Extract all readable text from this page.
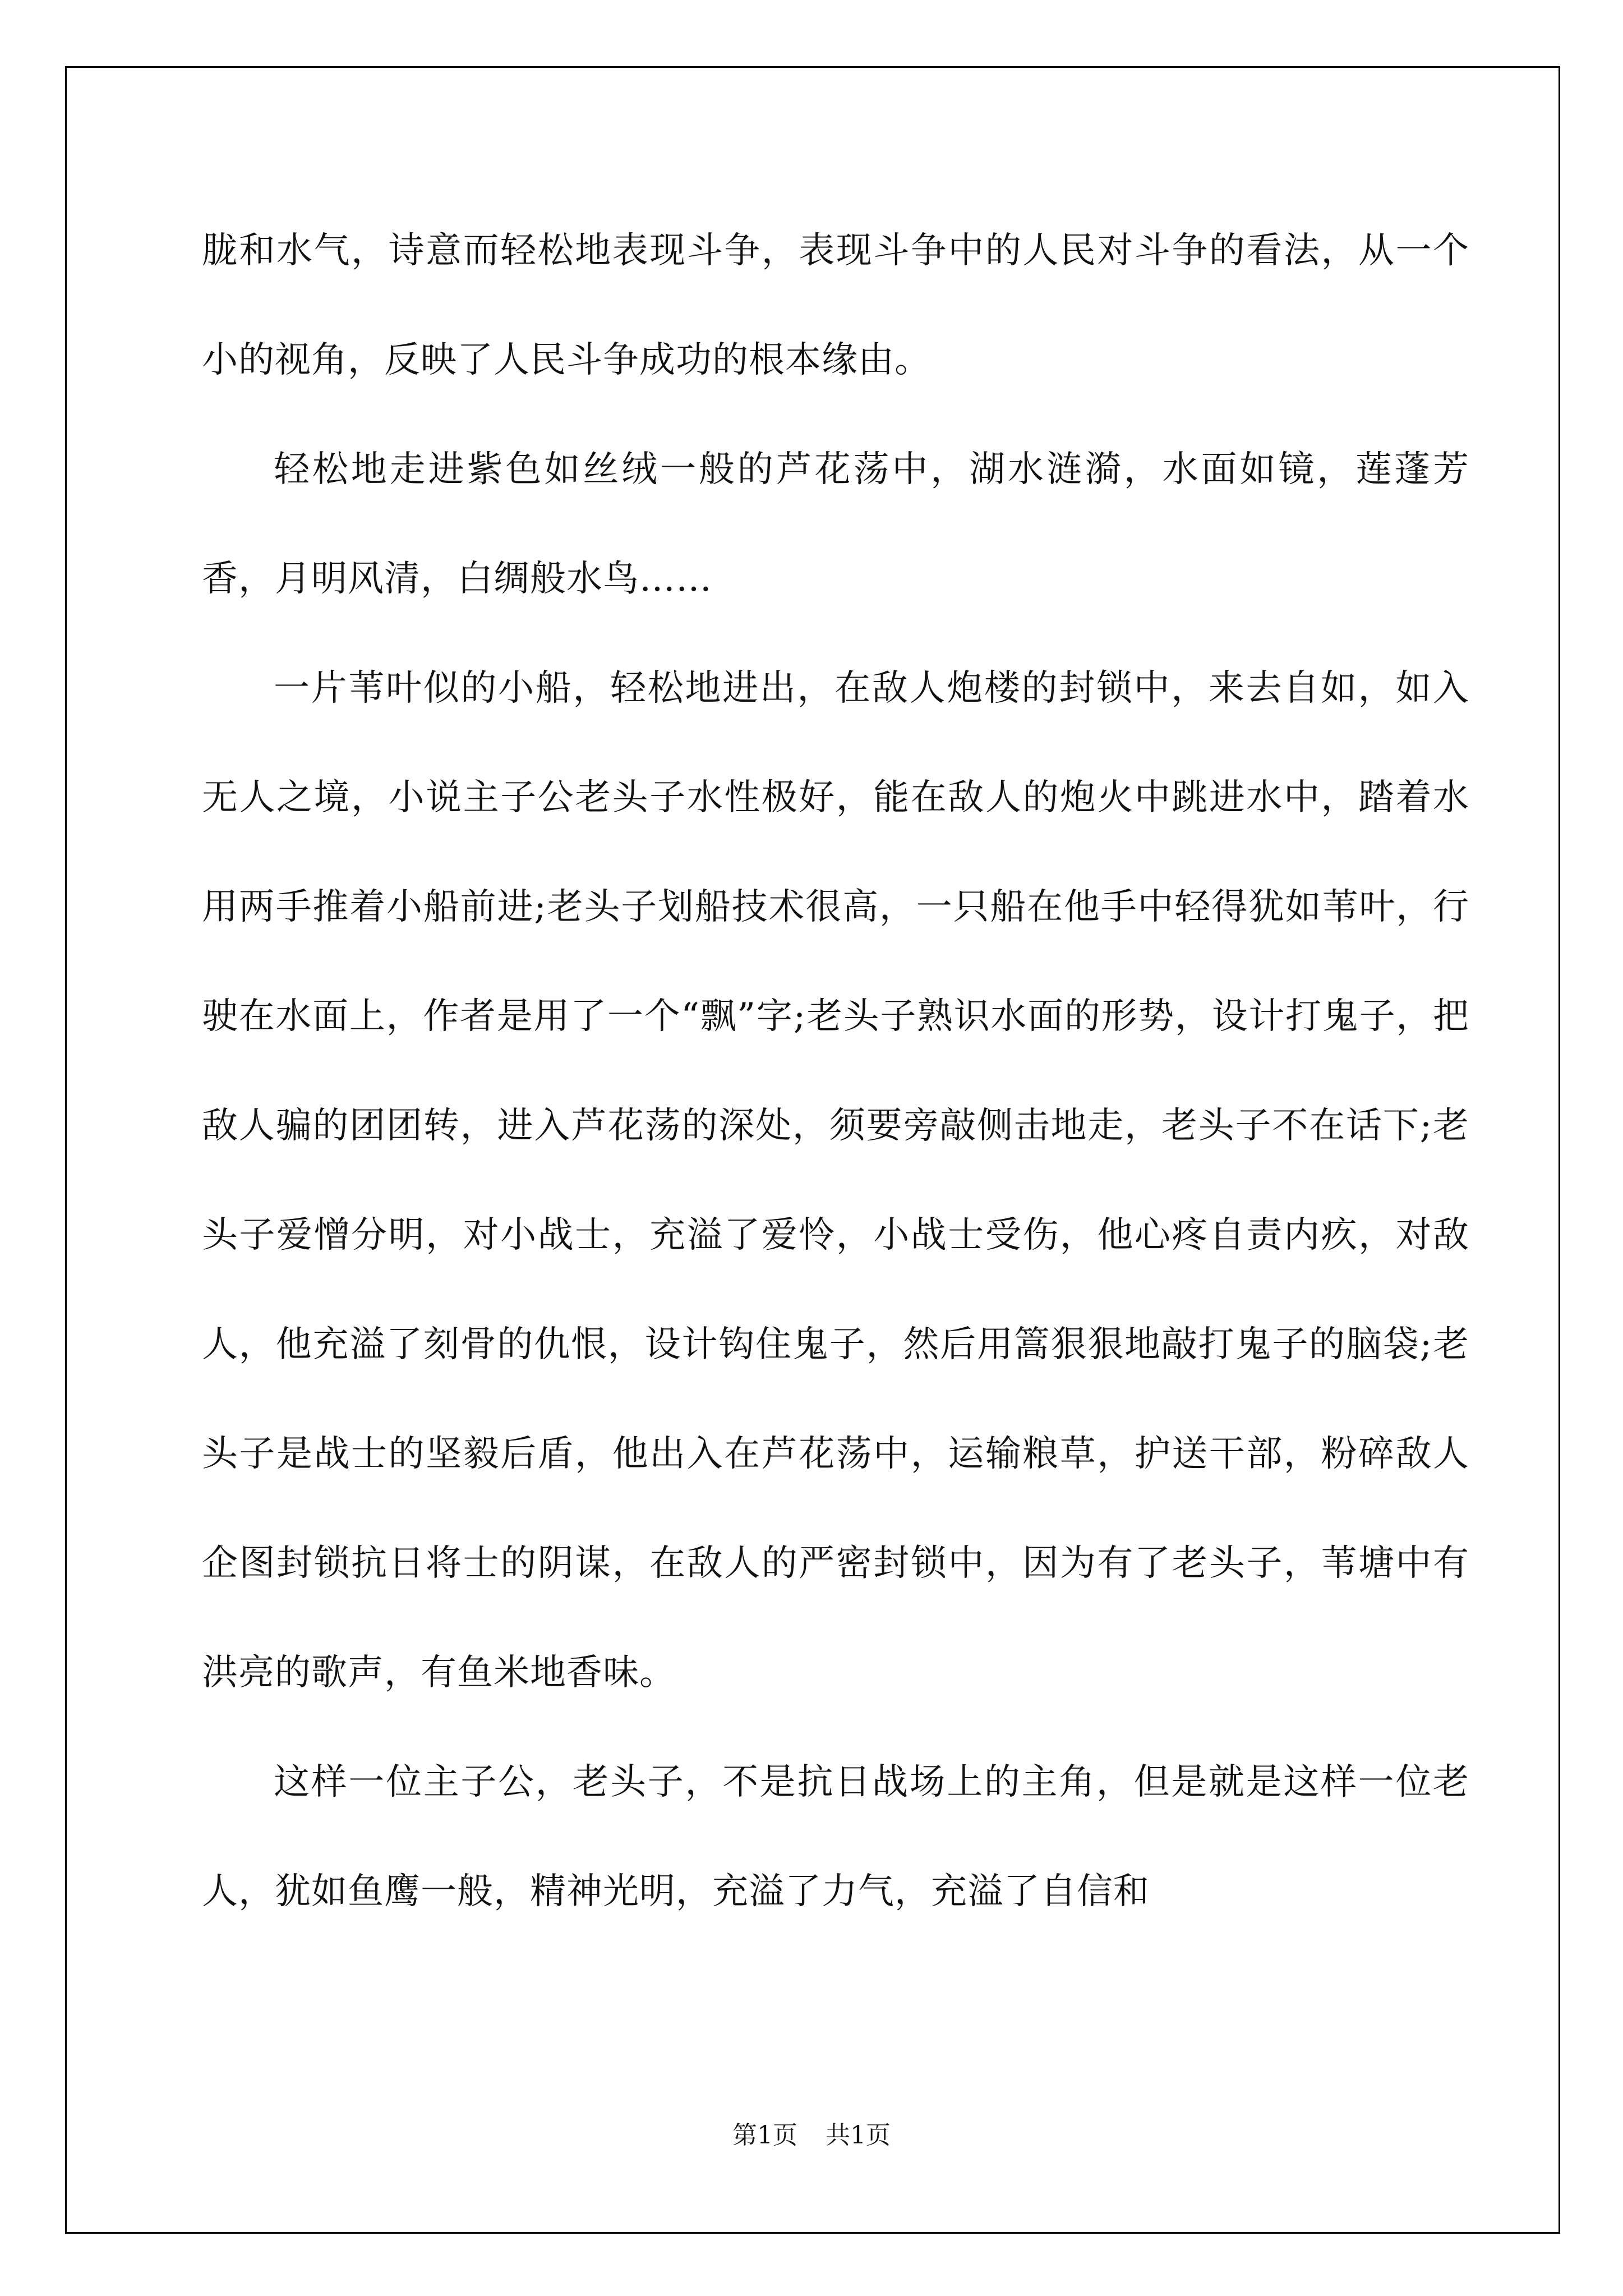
胧和水气，诗意而轻松地表现斗争，表现斗争中的人民对斗争的看法，从一个小的视角，反映了人民斗争成功的根本缘由。

轻松地走进紫色如丝绒一般的芦花荡中，湖水涟漪，水面如镜，莲蓬芳香，月明风清，白绸般水鸟……

一片苇叶似的小船，轻松地进出，在敌人炮楼的封锁中，来去自如，如入无人之境，小说主子公老头子水性极好，能在敌人的炮火中跳进水中，踏着水用两手推着小船前进;老头子划船技术很高，一只船在他手中轻得犹如苇叶，行驶在水面上，作者是用了一个“飘”字;老头子熟识水面的形势，设计打鬼子，把敌人骗的团团转，进入芦花荡的深处，须要旁敲侧击地走，老头子不在话下;老头子爱憎分明，对小战士，充溢了爱怜，小战士受伤，他心疼自责内疚，对敌人，他充溢了刻骨的仇恨，设计钩住鬼子，然后用篙狠狠地敲打鬼子的脑袋;老头子是战士的坚毅后盾，他出入在芦花荡中，运输粮草，护送干部，粉碎敌人企图封锁抗日将士的阴谋，在敌人的严密封锁中，因为有了老头子，苇塘中有洪亮的歌声，有鱼米地香味。

这样一位主子公，老头子，不是抗日战场上的主角，但是就是这样一位老人，犹如鱼鹰一般，精神光明，充溢了力气，充溢了自信和

第1页 共1页
